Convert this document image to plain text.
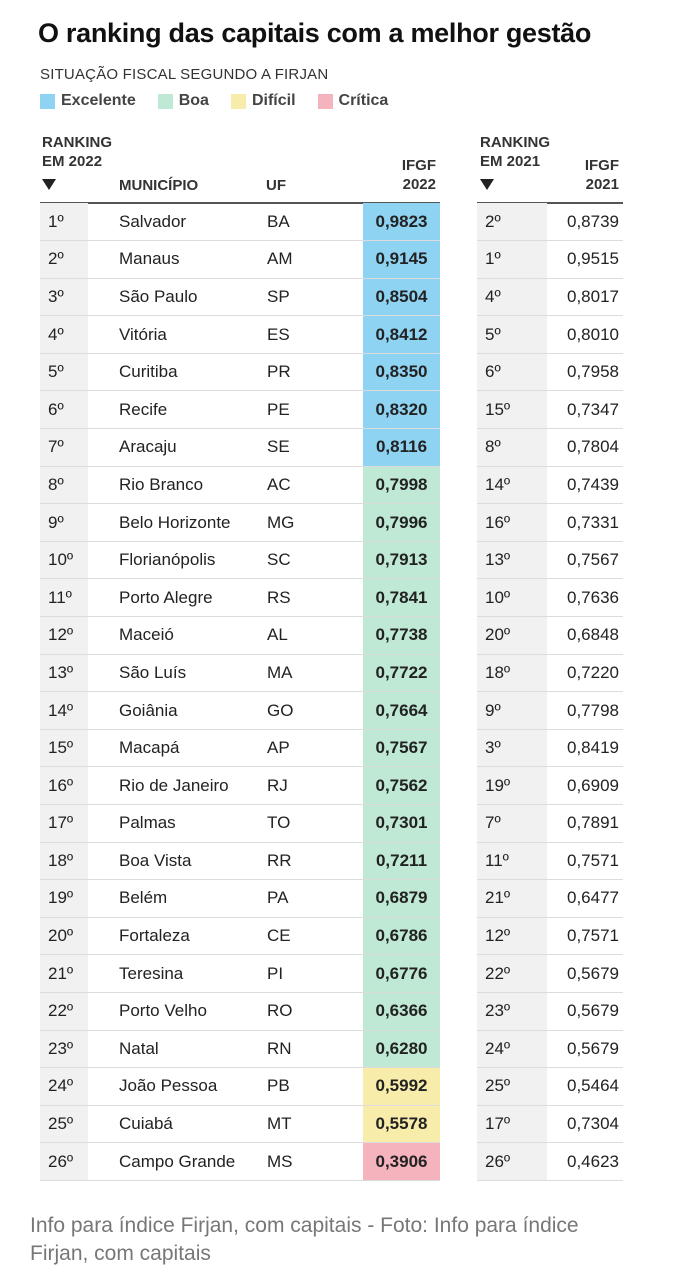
O ranking das capitais com a melhor gestão
SITUAÇÃO FISCAL SEGUNDO A FIRJAN
Excelente	Boa	Difícil	Crítica
RANKING
EM 2022
MUNICÍPIO	UF
IFGF
2022
RANKING
EM 2021	IFGF
2021
1º	Salvador	BA	0,9823		2º	0,8739
2º	Manaus	AM	0,9145		1º	0,9515
3º	São Paulo	SP	0,8504		4º	0,8017
4º	Vitória	ES	0,8412		5º	0,8010
5º	Curitiba	PR	0,8350		6º	0,7958
6º	Recife	PE	0,8320		15º	0,7347
7º	Aracaju	SE	0,8116		8º	0,7804
8º	Rio Branco	AC	0,7998		14º	0,7439
9º	Belo Horizonte	MG	0,7996		16º	0,7331
10º	Florianópolis	SC	0,7913		13º	0,7567
11º	Porto Alegre	RS	0,7841		10º	0,7636
12º	Maceió	AL	0,7738		20º	0,6848
13º	São Luís	MA	0,7722		18º	0,7220
14º	Goiânia	GO	0,7664		9º	0,7798
15º	Macapá	AP	0,7567		3º	0,8419
16º	Rio de Janeiro	RJ	0,7562		19º	0,6909
17º	Palmas	TO	0,7301		7º	0,7891
18º	Boa Vista	RR	0,7211		11º	0,7571
19º	Belém	PA	0,6879		21º	0,6477
20º	Fortaleza	CE	0,6786		12º	0,7571
21º	Teresina	PI	0,6776		22º	0,5679
22º	Porto Velho	RO	0,6366		23º	0,5679
23º	Natal	RN	0,6280		24º	0,5679
24º	João Pessoa	PB	0,5992		25º	0,5464
25º	Cuiabá	MT	0,5578		17º	0,7304
26º	Campo Grande	MS	0,3906		26º	0,4623
Info para índice Firjan, com capitais - Foto: Info para índice Firjan, com capitais
